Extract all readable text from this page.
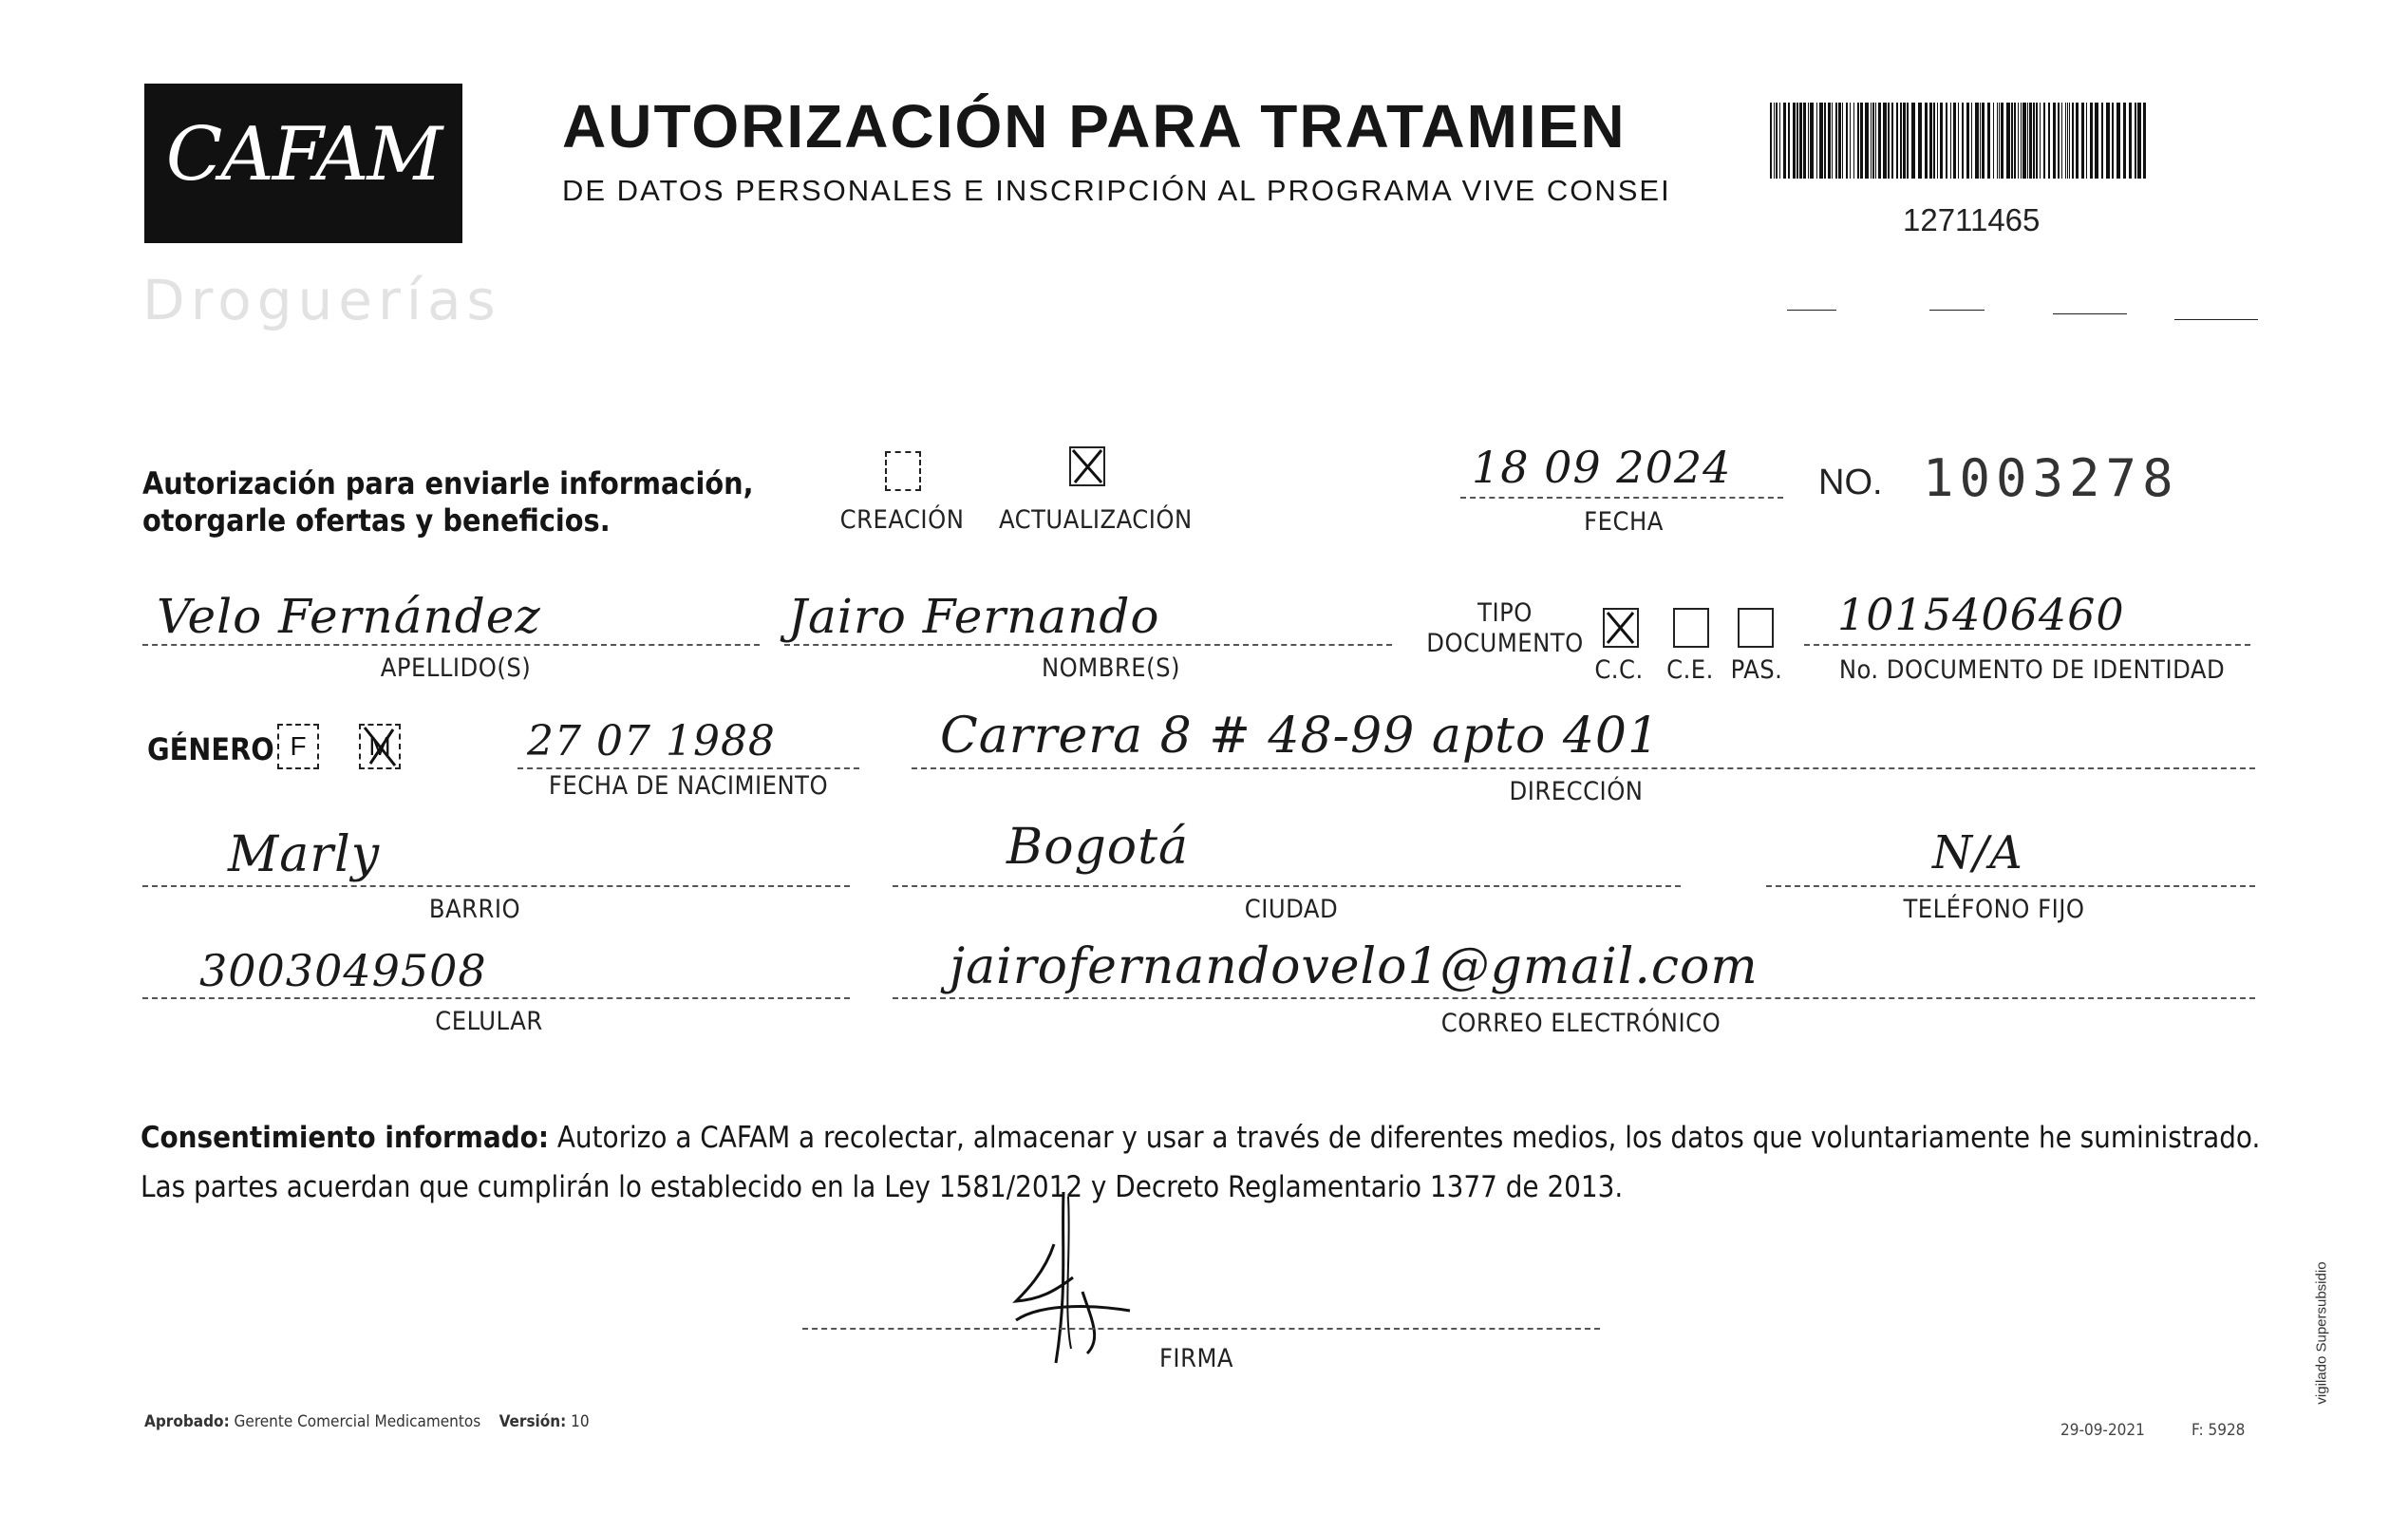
CAFAM
Droguerías
AUTORIZACIÓN PARA TRATAMIEN
DE DATOS PERSONALES E INSCRIPCIÓN AL PROGRAMA VIVE CONSEI
12711465
Autorización para enviarle información,
otorgarle ofertas y beneficios.	CREACIÓN ACTUALIZACIÓN
18 09 2024
FECHA
NO. 1003278
Velo Fernández
APELLIDO(S)
Jairo Fernando
NOMBRE(S)
TIPO
DOCUMENTO
C.C. C.E. PAS.
1015406460
No. DOCUMENTO DE IDENTIDAD
GÉNERO F	M	27 07 1988
FECHA DE NACIMIENTO
Carrera 8 # 48-99 apto 401
DIRECCIÓN
Marly
BARRIO
Bogotá
CIUDAD
N/A
TELÉFONO FIJO
3003049508
CELULAR
jairofernandovelo1@gmail.com
CORREO ELECTRÓNICO
Consentimiento informado: Autorizo a CAFAM a recolectar, almacenar y usar a través de diferentes medios, los datos que voluntariamente he suministrado.
Las partes acuerdan que cumplirán lo establecido en la Ley 1581/2012 y Decreto Reglamentario 1377 de 2013.
FIRMA
Aprobado: Gerente Comercial Medicamentos Versión: 10	29-09-2021	F: 5928
vigilado Supersubsidio
